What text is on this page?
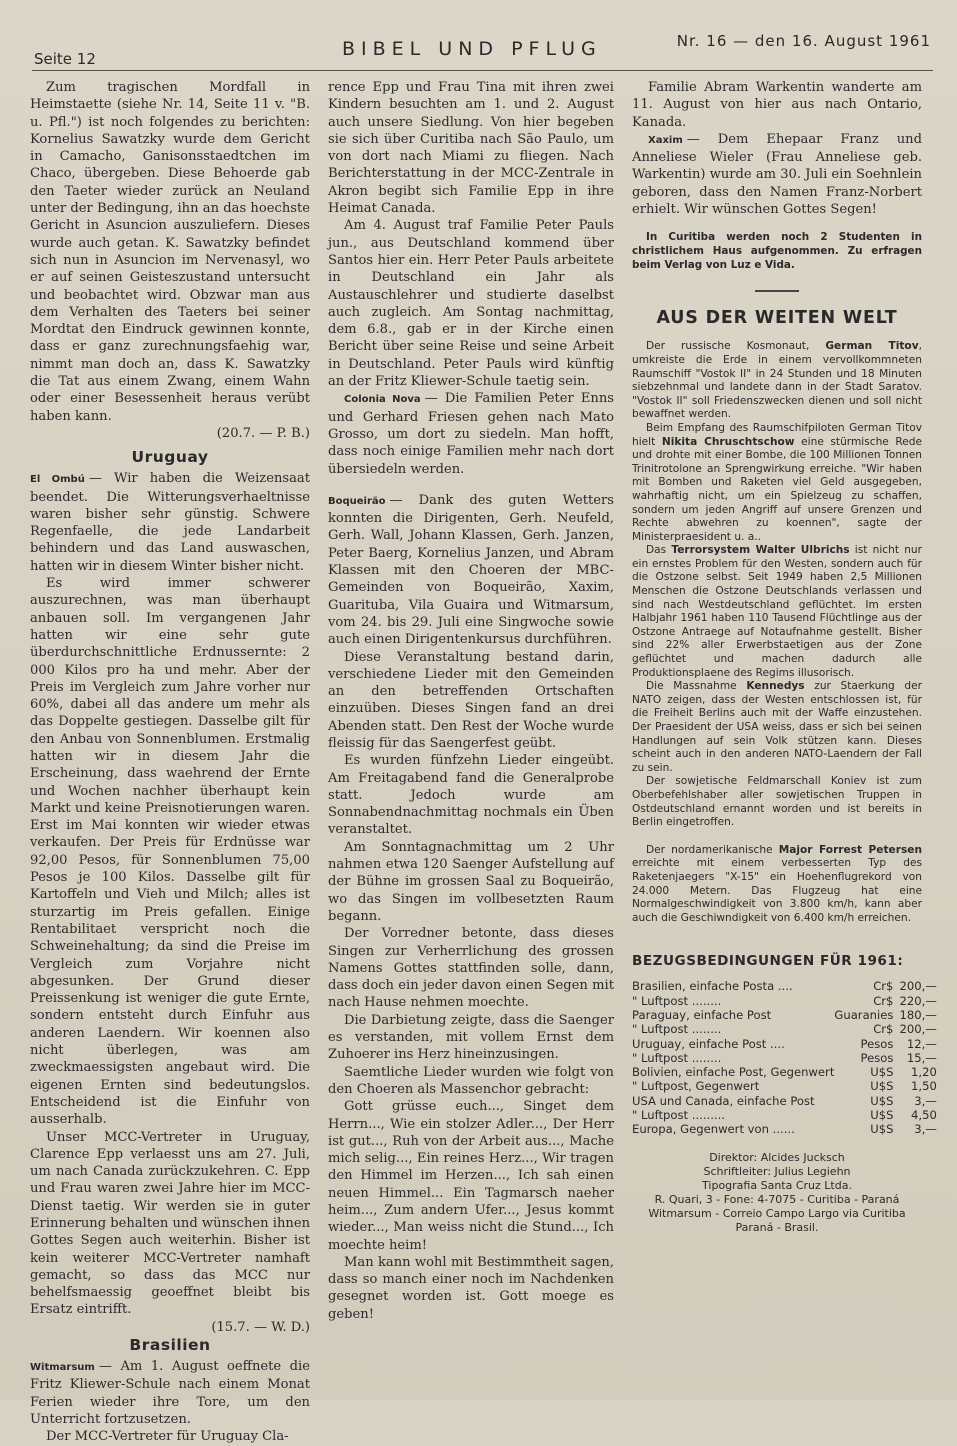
Seite 12	BIBEL UND PFLUG	Nr. 16 — den 16. August 1961

Zum tragischen Mordfall in Heimstaette (siehe Nr. 14, Seite 11 v. "B. u. Pfl.") ist noch folgendes zu berichten: Kornelius Sawatzky wurde dem Gericht in Camacho, Ganisonsstaedtchen im Chaco, übergeben. Diese Behoerde gab den Taeter wieder zurück an Neuland unter der Bedingung, ihn an das hoechste Gericht in Asuncion auszuliefern. Dieses wurde auch getan. K. Sawatzky befindet sich nun in Asuncion im Nervenasyl, wo er auf seinen Geisteszustand untersucht und beobachtet wird. Obzwar man aus dem Verhalten des Taeters bei seiner Mordtat den Eindruck gewinnen konnte, dass er ganz zurechnungsfaehig war, nimmt man doch an, dass K. Sawatzky die Tat aus einem Zwang, einem Wahn oder einer Besessenheit heraus verübt haben kann.

(20.7. — P. B.)

Uruguay

El Ombú — Wir haben die Weizensaat beendet. Die Witterungsverhaeltnisse waren bisher sehr günstig. Schwere Regenfaelle, die jede Landarbeit behindern und das Land auswaschen, hatten wir in diesem Winter bisher nicht.

Es wird immer schwerer auszurechnen, was man überhaupt anbauen soll. Im vergangenen Jahr hatten wir eine sehr gute überdurchschnittliche Erdnussernte: 2 000 Kilos pro ha und mehr. Aber der Preis im Vergleich zum Jahre vorher nur 60%, dabei all das andere um mehr als das Doppelte gestiegen. Dasselbe gilt für den Anbau von Sonnenblumen. Erstmalig hatten wir in diesem Jahr die Erscheinung, dass waehrend der Ernte und Wochen nachher überhaupt kein Markt und keine Preisnotierungen waren. Erst im Mai konnten wir wieder etwas verkaufen. Der Preis für Erdnüsse war 92,00 Pesos, für Sonnenblumen 75,00 Pesos je 100 Kilos. Dasselbe gilt für Kartoffeln und Vieh und Milch; alles ist sturzartig im Preis gefallen. Einige Rentabilitaet verspricht noch die Schweinehaltung; da sind die Preise im Vergleich zum Vorjahre nicht abgesunken. Der Grund dieser Preissenkung ist weniger die gute Ernte, sondern entsteht durch Einfuhr aus anderen Laendern. Wir koennen also nicht überlegen, was am zweckmaessigsten angebaut wird. Die eigenen Ernten sind bedeutungslos. Entscheidend ist die Einfuhr von ausserhalb.

Unser MCC-Vertreter in Uruguay, Clarence Epp verlaesst uns am 27. Juli, um nach Canada zurückzukehren. C. Epp und Frau waren zwei Jahre hier im MCC-Dienst taetig. Wir werden sie in guter Erinnerung behalten und wünschen ihnen Gottes Segen auch weiterhin. Bisher ist kein weiterer MCC-Vertreter namhaft gemacht, so dass das MCC nur behelfsmaessig geoeffnet bleibt bis Ersatz eintrifft.

(15.7. — W. D.)

Brasilien

Witmarsum — Am 1. August oeffnete die Fritz Kliewer-Schule nach einem Monat Ferien wieder ihre Tore, um den Unterricht fortzusetzen.

Der MCC-Vertreter für Uruguay Cla-

rence Epp und Frau Tina mit ihren zwei Kindern besuchten am 1. und 2. August auch unsere Siedlung. Von hier begeben sie sich über Curitiba nach São Paulo, um von dort nach Miami zu fliegen. Nach Berichterstattung in der MCC-Zentrale in Akron begibt sich Familie Epp in ihre Heimat Canada.

Am 4. August traf Familie Peter Pauls jun., aus Deutschland kommend über Santos hier ein. Herr Peter Pauls arbeitete in Deutschland ein Jahr als Austauschlehrer und studierte daselbst auch zugleich. Am Sontag nachmittag, dem 6.8., gab er in der Kirche einen Bericht über seine Reise und seine Arbeit in Deutschland. Peter Pauls wird künftig an der Fritz Kliewer-Schule taetig sein.

Colonia Nova — Die Familien Peter Enns und Gerhard Friesen gehen nach Mato Grosso, um dort zu siedeln. Man hofft, dass noch einige Familien mehr nach dort übersiedeln werden.

Boqueirão — Dank des guten Wetters konnten die Dirigenten, Gerh. Neufeld, Gerh. Wall, Johann Klassen, Gerh. Janzen, Peter Baerg, Kornelius Janzen, und Abram Klassen mit den Choeren der MBC-Gemeinden von Boqueirão, Xaxim, Guarituba, Vila Guaira und Witmarsum, vom 24. bis 29. Juli eine Singwoche sowie auch einen Dirigentenkursus durchführen.

Diese Veranstaltung bestand darin, verschiedene Lieder mit den Gemeinden an den betreffenden Ortschaften einzuüben. Dieses Singen fand an drei Abenden statt. Den Rest der Woche wurde fleissig für das Saengerfest geübt.

Es wurden fünfzehn Lieder eingeübt. Am Freitagabend fand die Generalprobe statt. Jedoch wurde am Sonnabendnachmittag nochmals ein Üben veranstaltet.

Am Sonntagnachmittag um 2 Uhr nahmen etwa 120 Saenger Aufstellung auf der Bühne im grossen Saal zu Boqueirão, wo das Singen im vollbesetzten Raum begann.

Der Vorredner betonte, dass dieses Singen zur Verherrlichung des grossen Namens Gottes stattfinden solle, dann, dass doch ein jeder davon einen Segen mit nach Hause nehmen moechte.

Die Darbietung zeigte, dass die Saenger es verstanden, mit vollem Ernst dem Zuhoerer ins Herz hineinzusingen.

Saemtliche Lieder wurden wie folgt von den Choeren als Massenchor gebracht:

Gott grüsse euch..., Singet dem Herrn..., Wie ein stolzer Adler..., Der Herr ist gut..., Ruh von der Arbeit aus..., Mache mich selig..., Ein reines Herz..., Wir tragen den Himmel im Herzen..., Ich sah einen neuen Himmel... Ein Tagmarsch naeher heim..., Zum andern Ufer..., Jesus kommt wieder..., Man weiss nicht die Stund..., Ich moechte heim!

Man kann wohl mit Bestimmtheit sagen, dass so manch einer noch im Nachdenken gesegnet worden ist. Gott moege es geben!

Familie Abram Warkentin wanderte am 11. August von hier aus nach Ontario, Kanada.

Xaxim — Dem Ehepaar Franz und Anneliese Wieler (Frau Anneliese geb. Warkentin) wurde am 30. Juli ein Soehnlein geboren, dass den Namen Franz-Norbert erhielt. Wir wünschen Gottes Segen!

In Curitiba werden noch 2 Studenten in christlichem Haus aufgenommen. Zu erfragen beim Verlag von Luz e Vida.

AUS DER WEITEN WELT

Der russische Kosmonaut, German Titov, umkreiste die Erde in einem vervollkommneten Raumschiff "Vostok II" in 24 Stunden und 18 Minuten siebzehnmal und landete dann in der Stadt Saratov. "Vostok II" soll Friedenszwecken dienen und soll nicht bewaffnet werden.

Beim Empfang des Raumschifpiloten German Titov hielt Nikita Chruschtschow eine stürmische Rede und drohte mit einer Bombe, die 100 Millionen Tonnen Trinitrotolone an Sprengwirkung erreiche. "Wir haben mit Bomben und Raketen viel Geld ausgegeben, wahrhaftig nicht, um ein Spielzeug zu schaffen, sondern um jeden Angriff auf unsere Grenzen und Rechte abwehren zu koennen", sagte der Ministerpraesident u. a..

Das Terrorsystem Walter Ulbrichs ist nicht nur ein ernstes Problem für den Westen, sondern auch für die Ostzone selbst. Seit 1949 haben 2,5 Millionen Menschen die Ostzone Deutschlands verlassen und sind nach Westdeutschland geflüchtet. Im ersten Halbjahr 1961 haben 110 Tausend Flüchtlinge aus der Ostzone Antraege auf Notaufnahme gestellt. Bisher sind 22% aller Erwerbstaetigen aus der Zone geflüchtet und machen dadurch alle Produktionsplaene des Regims illusorisch.

Die Massnahme Kennedys zur Staerkung der NATO zeigen, dass der Westen entschlossen ist, für die Freiheit Berlins auch mit der Waffe einzustehen. Der Praesident der USA weiss, dass er sich bei seinen Handlungen auf sein Volk stützen kann. Dieses scheint auch in den anderen NATO-Laendern der Fall zu sein.

Der sowjetische Feldmarschall Koniev ist zum Oberbefehlshaber aller sowjetischen Truppen in Ostdeutschland ernannt worden und ist bereits in Berlin eingetroffen.

Der nordamerikanische Major Forrest Petersen erreichte mit einem verbesserten Typ des Raketenjaegers "X-15" ein Hoehenflugrekord von 24.000 Metern. Das Flugzeug hat eine Normalgeschwindigkeit von 3.800 km/h, kann aber auch die Geschiwndigkeit von 6.400 km/h erreichen.

BEZUGSBEDINGUNGEN FÜR 1961:
Brasilien, einfache Posta ....	Cr$	200,—
" Luftpost ........	Cr$	220,—
Paraguay, einfache Post	Guaranies	180,—
" Luftpost ........	Cr$	200,—
Uruguay, einfache Post ....	Pesos	12,—
" Luftpost ........	Pesos	15,—
Bolivien, einfache Post, Gegenwert	U$S	1,20
" Luftpost, Gegenwert	U$S	1,50
USA und Canada, einfache Post	U$S	3,—
" Luftpost .........	U$S	4,50
Europa, Gegenwert von ......	U$S	3,—
Direktor: Alcides Jucksch
Schriftleiter: Julius Legiehn
Tipografia Santa Cruz Ltda.
R. Quari, 3 - Fone: 4-7075 - Curitiba - Paraná
Witmarsum - Correio Campo Largo via Curitiba
Paraná - Brasil.
